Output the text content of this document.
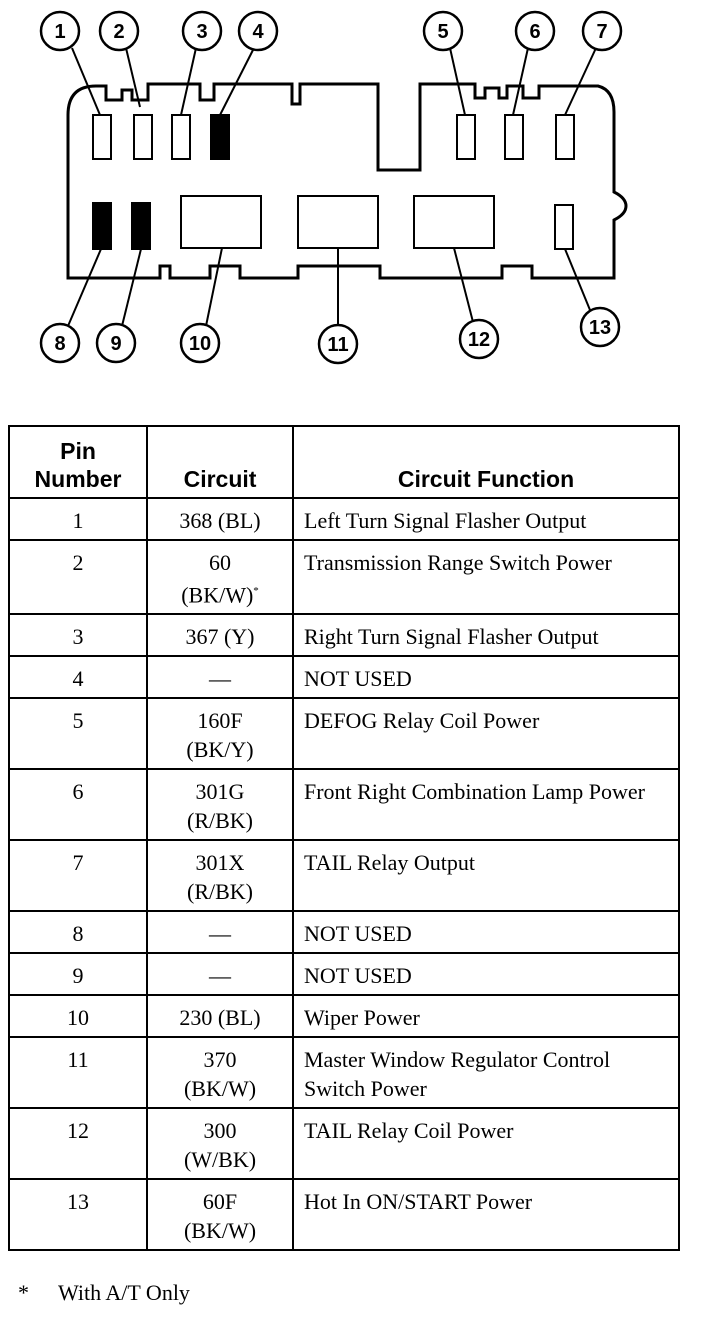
1 2	3 4	5	6	7
8 9	10	11	12
13
Pin
Number	Circuit	Circuit Function
1	368 (BL)	Left Turn Signal Flasher Output
2	60
(BK/W)*	Transmission Range Switch Power
3	367 (Y)	Right Turn Signal Flasher Output
4	—	NOT USED
5	160F
(BK/Y)	DEFOG Relay Coil Power
6	301G
(R/BK)	Front Right Combination Lamp Power
7	301X
(R/BK)	TAIL Relay Output
8	—	NOT USED
9	—	NOT USED
10	230 (BL)	Wiper Power
11	370
(BK/W)	Master Window Regulator Control Switch Power
12	300
(W/BK)	TAIL Relay Coil Power
13	60F
(BK/W)	Hot In ON/START Power
* With A/T Only
